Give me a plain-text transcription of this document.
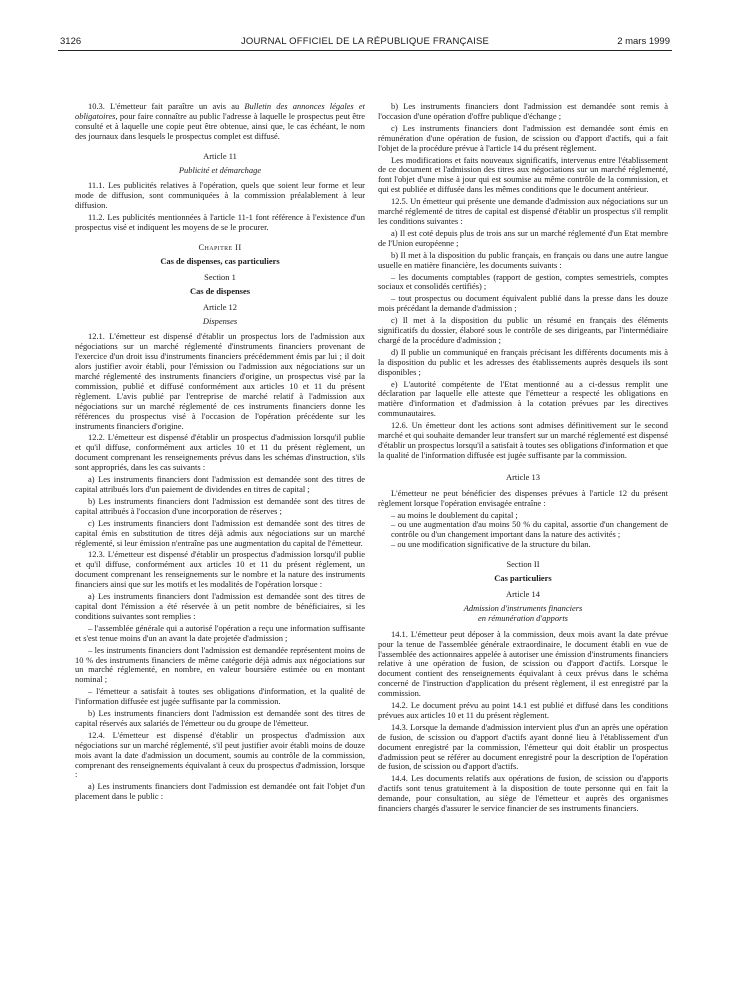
3126	JOURNAL OFFICIEL DE LA RÉPUBLIQUE FRANÇAISE	2 mars 1999

10.3. L'émetteur fait paraître un avis au Bulletin des annonces légales et obligatoires, pour faire connaître au public l'adresse à laquelle le prospectus peut être consulté et à laquelle une copie peut être obtenue, ainsi que, le cas échéant, le nom des journaux dans lesquels le prospectus complet est diffusé.

Article 11

Publicité et démarchage

11.1. Les publicités relatives à l'opération, quels que soient leur forme et leur mode de diffusion, sont communiquées à la commission préalablement à leur diffusion.

11.2. Les publicités mentionnées à l'article 11-1 font référence à l'existence d'un prospectus visé et indiquent les moyens de se le procurer.

Chapitre II

Cas de dispenses, cas particuliers

Section 1

Cas de dispenses

Article 12

Dispenses

12.1. L'émetteur est dispensé d'établir un prospectus lors de l'admission aux négociations sur un marché réglementé d'instruments financiers provenant de l'exercice d'un droit issu d'instruments financiers précédemment émis par lui ; il doit alors justifier avoir établi, pour l'émission ou l'admission aux négociations sur un marché réglementé des instruments financiers d'origine, un prospectus visé par la commission, publié et diffusé conformément aux articles 10 et 11 du présent règlement. L'avis publié par l'entreprise de marché relatif à l'admission aux négociations sur un marché réglementé de ces instruments financiers donne les références du prospectus visé à l'occasion de l'opération précédente sur les instruments financiers d'origine.

12.2. L'émetteur est dispensé d'établir un prospectus d'admission lorsqu'il publie et qu'il diffuse, conformément aux articles 10 et 11 du présent règlement, un document comprenant les renseignements prévus dans les schémas d'instruction, s'ils sont appropriés, dans les cas suivants :

a) Les instruments financiers dont l'admission est demandée sont des titres de capital attribués lors d'un paiement de dividendes en titres de capital ;

b) Les instruments financiers dont l'admission est demandée sont des titres de capital attribués à l'occasion d'une incorporation de réserves ;

c) Les instruments financiers dont l'admission est demandée sont des titres de capital émis en substitution de titres déjà admis aux négociations sur un marché réglementé, si leur émission n'entraîne pas une augmentation du capital de l'émetteur.

12.3. L'émetteur est dispensé d'établir un prospectus d'admission lorsqu'il publie et qu'il diffuse, conformément aux articles 10 et 11 du présent règlement, un document comprenant les renseignements sur le nombre et la nature des instruments financiers ainsi que sur les motifs et les modalités de l'opération lorsque :

a) Les instruments financiers dont l'admission est demandée sont des titres de capital dont l'émission a été réservée à un petit nombre de bénéficiaires, si les conditions suivantes sont remplies :

– l'assemblée générale qui a autorisé l'opération a reçu une information suffisante et s'est tenue moins d'un an avant la date projetée d'admission ;

– les instruments financiers dont l'admission est demandée représentent moins de 10 % des instruments financiers de même catégorie déjà admis aux négociations sur un marché réglementé, en nombre, en valeur boursière estimée ou en montant nominal ;

– l'émetteur a satisfait à toutes ses obligations d'information, et la qualité de l'information diffusée est jugée suffisante par la commission.

b) Les instruments financiers dont l'admission est demandée sont des titres de capital réservés aux salariés de l'émetteur ou du groupe de l'émetteur.

12.4. L'émetteur est dispensé d'établir un prospectus d'admission aux négociations sur un marché réglementé, s'il peut justifier avoir établi moins de douze mois avant la date d'admission un document, soumis au contrôle de la commission, comprenant des renseignements équivalant à ceux du prospectus d'admission, lorsque :

a) Les instruments financiers dont l'admission est demandée ont fait l'objet d'un placement dans le public :

b) Les instruments financiers dont l'admission est demandée sont remis à l'occasion d'une opération d'offre publique d'échange ;

c) Les instruments financiers dont l'admission est demandée sont émis en rémunération d'une opération de fusion, de scission ou d'apport d'actifs, qui a fait l'objet de la procédure prévue à l'article 14 du présent règlement.

Les modifications et faits nouveaux significatifs, intervenus entre l'établissement de ce document et l'admission des titres aux négociations sur un marché réglementé, font l'objet d'une mise à jour qui est soumise au même contrôle de la commission, et qui est publiée et diffusée dans les mêmes conditions que le document antérieur.

12.5. Un émetteur qui présente une demande d'admission aux négociations sur un marché réglementé de titres de capital est dispensé d'établir un prospectus s'il remplit les conditions suivantes :

a) Il est coté depuis plus de trois ans sur un marché réglementé d'un Etat membre de l'Union européenne ;

b) Il met à la disposition du public français, en français ou dans une autre langue usuelle en matière financière, les documents suivants :

– les documents comptables (rapport de gestion, comptes semestriels, comptes sociaux et consolidés certifiés) ;

– tout prospectus ou document équivalent publié dans la presse dans les douze mois précédant la demande d'admission ;

c) Il met à la disposition du public un résumé en français des éléments significatifs du dossier, élaboré sous le contrôle de ses dirigeants, par l'intermédiaire chargé de la procédure d'admission ;

d) Il publie un communiqué en français précisant les différents documents mis à la disposition du public et les adresses des établissements auprès desquels ils sont disponibles ;

e) L'autorité compétente de l'Etat mentionné au a ci-dessus remplit une déclaration par laquelle elle atteste que l'émetteur a respecté les obligations en matière d'information et d'admission à la cotation prévues par les directives communautaires.

12.6. Un émetteur dont les actions sont admises définitivement sur le second marché et qui souhaite demander leur transfert sur un marché réglementé est dispensé d'établir un prospectus lorsqu'il a satisfait à toutes ses obligations d'information et que la qualité de l'information diffusée est jugée suffisante par la commission.

Article 13

L'émetteur ne peut bénéficier des dispenses prévues à l'article 12 du présent règlement lorsque l'opération envisagée entraîne :

– au moins le doublement du capital ;

– ou une augmentation d'au moins 50 % du capital, assortie d'un changement de contrôle ou d'un changement important dans la nature des activités ;

– ou une modification significative de la structure du bilan.

Section II

Cas particuliers

Article 14

Admission d'instruments financiers

en rémunération d'apports

14.1. L'émetteur peut déposer à la commission, deux mois avant la date prévue pour la tenue de l'assemblée générale extraordinaire, le document établi en vue de l'assemblée des actionnaires appelée à autoriser une émission d'instruments financiers relative à une opération de fusion, de scission ou d'apport d'actifs. Lorsque le document contient des renseignements équivalant à ceux prévus dans le schéma concerné de l'instruction d'application du présent règlement, il est enregistré par la commission.

14.2. Le document prévu au point 14.1 est publié et diffusé dans les conditions prévues aux articles 10 et 11 du présent règlement.

14.3. Lorsque la demande d'admission intervient plus d'un an après une opération de fusion, de scission ou d'apport d'actifs ayant donné lieu à l'établissement d'un document enregistré par la commission, l'émetteur qui doit établir un prospectus d'admission peut se référer au document enregistré pour la description de l'opération de fusion, de scission ou d'apport d'actifs.

14.4. Les documents relatifs aux opérations de fusion, de scission ou d'apports d'actifs sont tenus gratuitement à la disposition de toute personne qui en fait la demande, pour consultation, au siège de l'émetteur et auprès des organismes financiers chargés d'assurer le service financier de ses instruments financiers.
